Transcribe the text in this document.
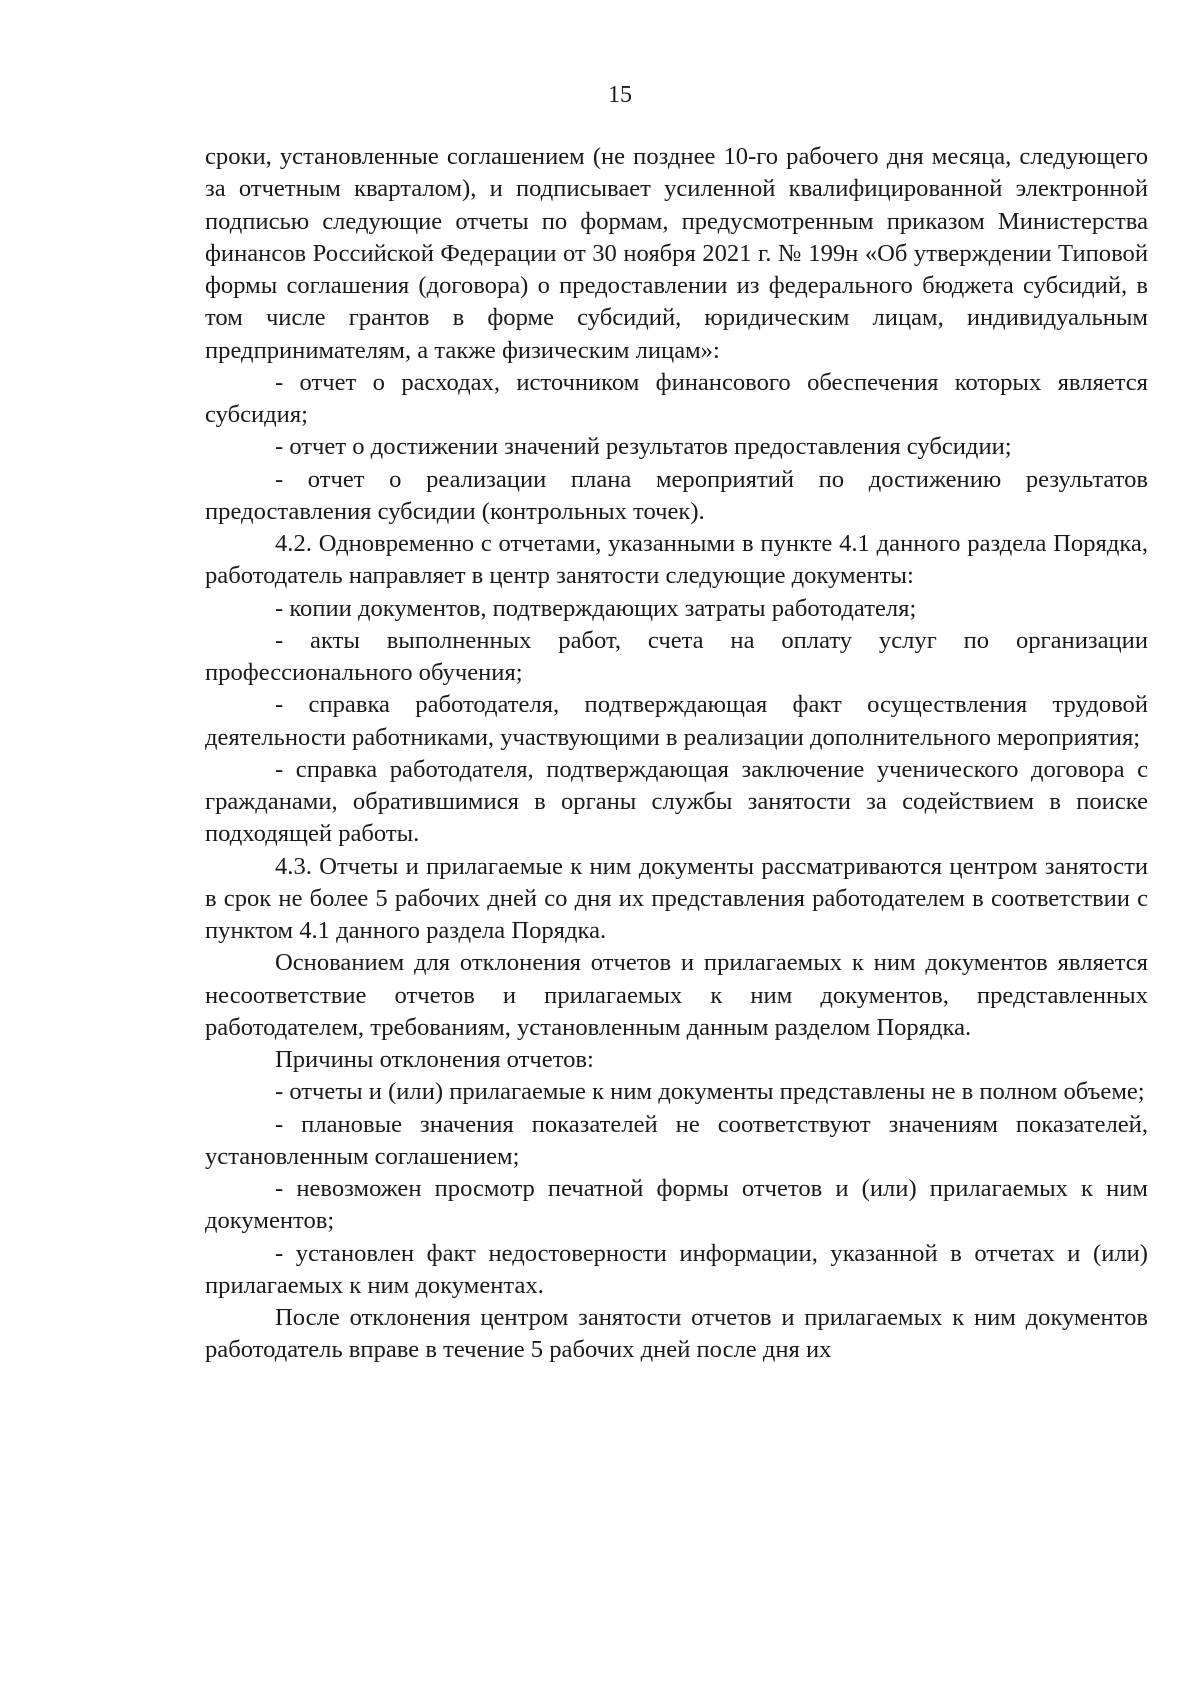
15

сроки, установленные соглашением (не позднее 10-го рабочего дня месяца, следующего за отчетным кварталом), и подписывает усиленной квалифицированной электронной подписью следующие отчеты по формам, предусмотренным приказом Министерства финансов Российской Федерации от 30 ноября 2021 г. № 199н «Об утверждении Типовой формы соглашения (договора) о предоставлении из федерального бюджета субсидий, в том числе грантов в форме субсидий, юридическим лицам, индивидуальным предпринимателям, а также физическим лицам»:

- отчет о расходах, источником финансового обеспечения которых является субсидия;

- отчет о достижении значений результатов предоставления субсидии;

- отчет о реализации плана мероприятий по достижению результатов предоставления субсидии (контрольных точек).

4.2. Одновременно с отчетами, указанными в пункте 4.1 данного раздела Порядка, работодатель направляет в центр занятости следующие документы:

- копии документов, подтверждающих затраты работодателя;

- акты выполненных работ, счета на оплату услуг по организации профессионального обучения;

- справка работодателя, подтверждающая факт осуществления трудовой деятельности работниками, участвующими в реализации дополнительного мероприятия;

- справка работодателя, подтверждающая заключение ученического договора с гражданами, обратившимися в органы службы занятости за содействием в поиске подходящей работы.

4.3. Отчеты и прилагаемые к ним документы рассматриваются центром занятости в срок не более 5 рабочих дней со дня их представления работодателем в соответствии с пунктом 4.1 данного раздела Порядка.

Основанием для отклонения отчетов и прилагаемых к ним документов является несоответствие отчетов и прилагаемых к ним документов, представленных работодателем, требованиям, установленным данным разделом Порядка.

Причины отклонения отчетов:

- отчеты и (или) прилагаемые к ним документы представлены не в полном объеме;

- плановые значения показателей не соответствуют значениям показателей, установленным соглашением;

- невозможен просмотр печатной формы отчетов и (или) прилагаемых к ним документов;

- установлен факт недостоверности информации, указанной в отчетах и (или) прилагаемых к ним документах.

После отклонения центром занятости отчетов и прилагаемых к ним документов работодатель вправе в течение 5 рабочих дней после дня их
